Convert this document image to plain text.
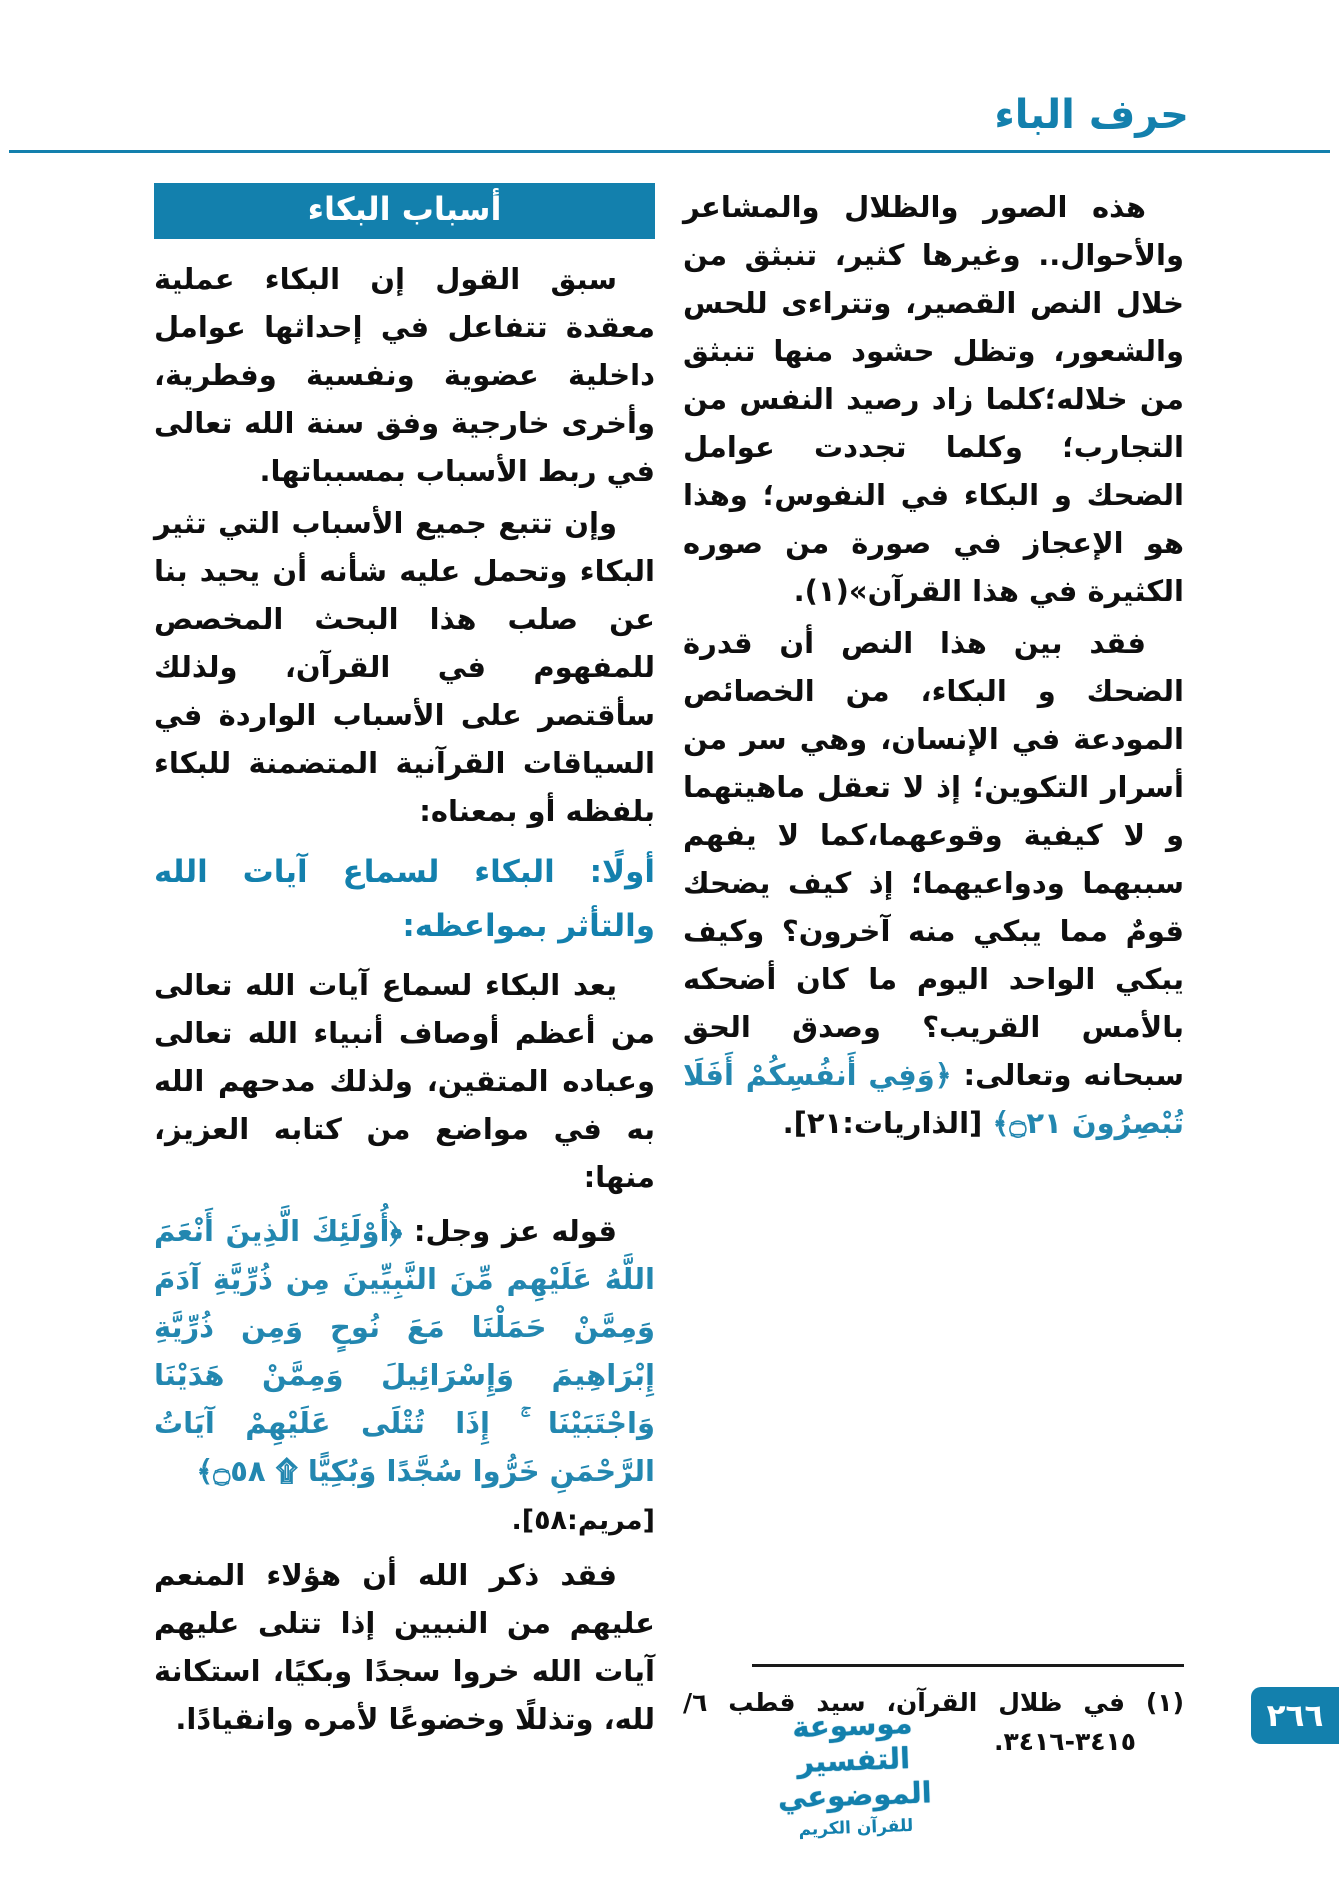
حرف الباء

هذه الصور والظلال والمشاعر والأحوال.. وغيرها كثير، تنبثق من خلال النص القصير، وتتراءى للحس والشعور، وتظل حشود منها تنبثق من خلاله؛كلما زاد رصيد النفس من التجارب؛ وكلما تجددت عوامل الضحك و البكاء في النفوس؛ وهذا هو الإعجاز في صورة من صوره الكثيرة في هذا القرآن»(١).

فقد بين هذا النص أن قدرة الضحك و البكاء، من الخصائص المودعة في الإنسان، وهي سر من أسرار التكوين؛ إذ لا تعقل ماهيتهما و لا كيفية وقوعهما،كما لا يفهم سببهما ودواعيهما؛ إذ كيف يضحك قومٌ مما يبكي منه آخرون؟ وكيف يبكي الواحد اليوم ما كان أضحكه بالأمس القريب؟ وصدق الحق سبحانه وتعالى: ﴿وَفِي أَنفُسِكُمْ أَفَلَا تُبْصِرُونَ ۝٢١﴾ [الذاريات:٢١].

(١) في ظلال القرآن، سيد قطب ٦/ ٣٤١٥-٣٤١٦.

أسباب البكاء

سبق القول إن البكاء عملية معقدة تتفاعل في إحداثها عوامل داخلية عضوية ونفسية وفطرية، وأخرى خارجية وفق سنة الله تعالى في ربط الأسباب بمسبباتها.

وإن تتبع جميع الأسباب التي تثير البكاء وتحمل عليه شأنه أن يحيد بنا عن صلب هذا البحث المخصص للمفهوم في القرآن، ولذلك سأقتصر على الأسباب الواردة في السياقات القرآنية المتضمنة للبكاء بلفظه أو بمعناه:

أولًا: البكاء لسماع آيات الله والتأثر بمواعظه:

يعد البكاء لسماع آيات الله تعالى من أعظم أوصاف أنبياء الله تعالى وعباده المتقين، ولذلك مدحهم الله به في مواضع من كتابه العزيز، منها:

قوله عز وجل: ﴿أُوْلَئِكَ الَّذِينَ أَنْعَمَ اللَّهُ عَلَيْهِم مِّنَ النَّبِيِّينَ مِن ذُرِّيَّةِ آدَمَ وَمِمَّنْ حَمَلْنَا مَعَ نُوحٍ وَمِن ذُرِّيَّةِ إِبْرَاهِيمَ وَإِسْرَائِيلَ وَمِمَّنْ هَدَيْنَا وَاجْتَبَيْنَا ۚ إِذَا تُتْلَى عَلَيْهِمْ آيَاتُ الرَّحْمَنِ خَرُّوا سُجَّدًا وَبُكِيًّا ۩ ۝٥٨﴾

[مريم:٥٨].

فقد ذكر الله أن هؤلاء المنعم عليهم من النبيين إذا تتلى عليهم آيات الله خروا سجدًا وبكيًا، استكانة لله، وتذللًا وخضوعًا لأمره وانقيادًا.	موسوعة التفسير الموضوعي
للقرآن الكريم
٢٦٦
